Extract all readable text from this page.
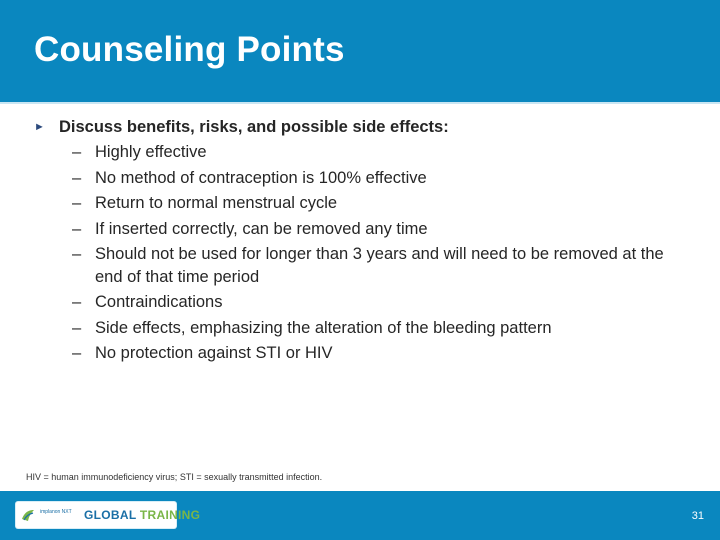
Counseling Points
► Discuss benefits, risks, and possible side effects:
– Highly effective
– No method of contraception is 100% effective
– Return to normal menstrual cycle
– If inserted correctly, can be removed any time
– Should not be used for longer than 3 years and will need to be removed at the end of that time period
– Contraindications
– Side effects, emphasizing the alteration of the bleeding pattern
– No protection against STI or HIV
HIV = human immunodeficiency virus; STI = sexually transmitted infection.
implanon NXT GLOBAL TRAINING	31
